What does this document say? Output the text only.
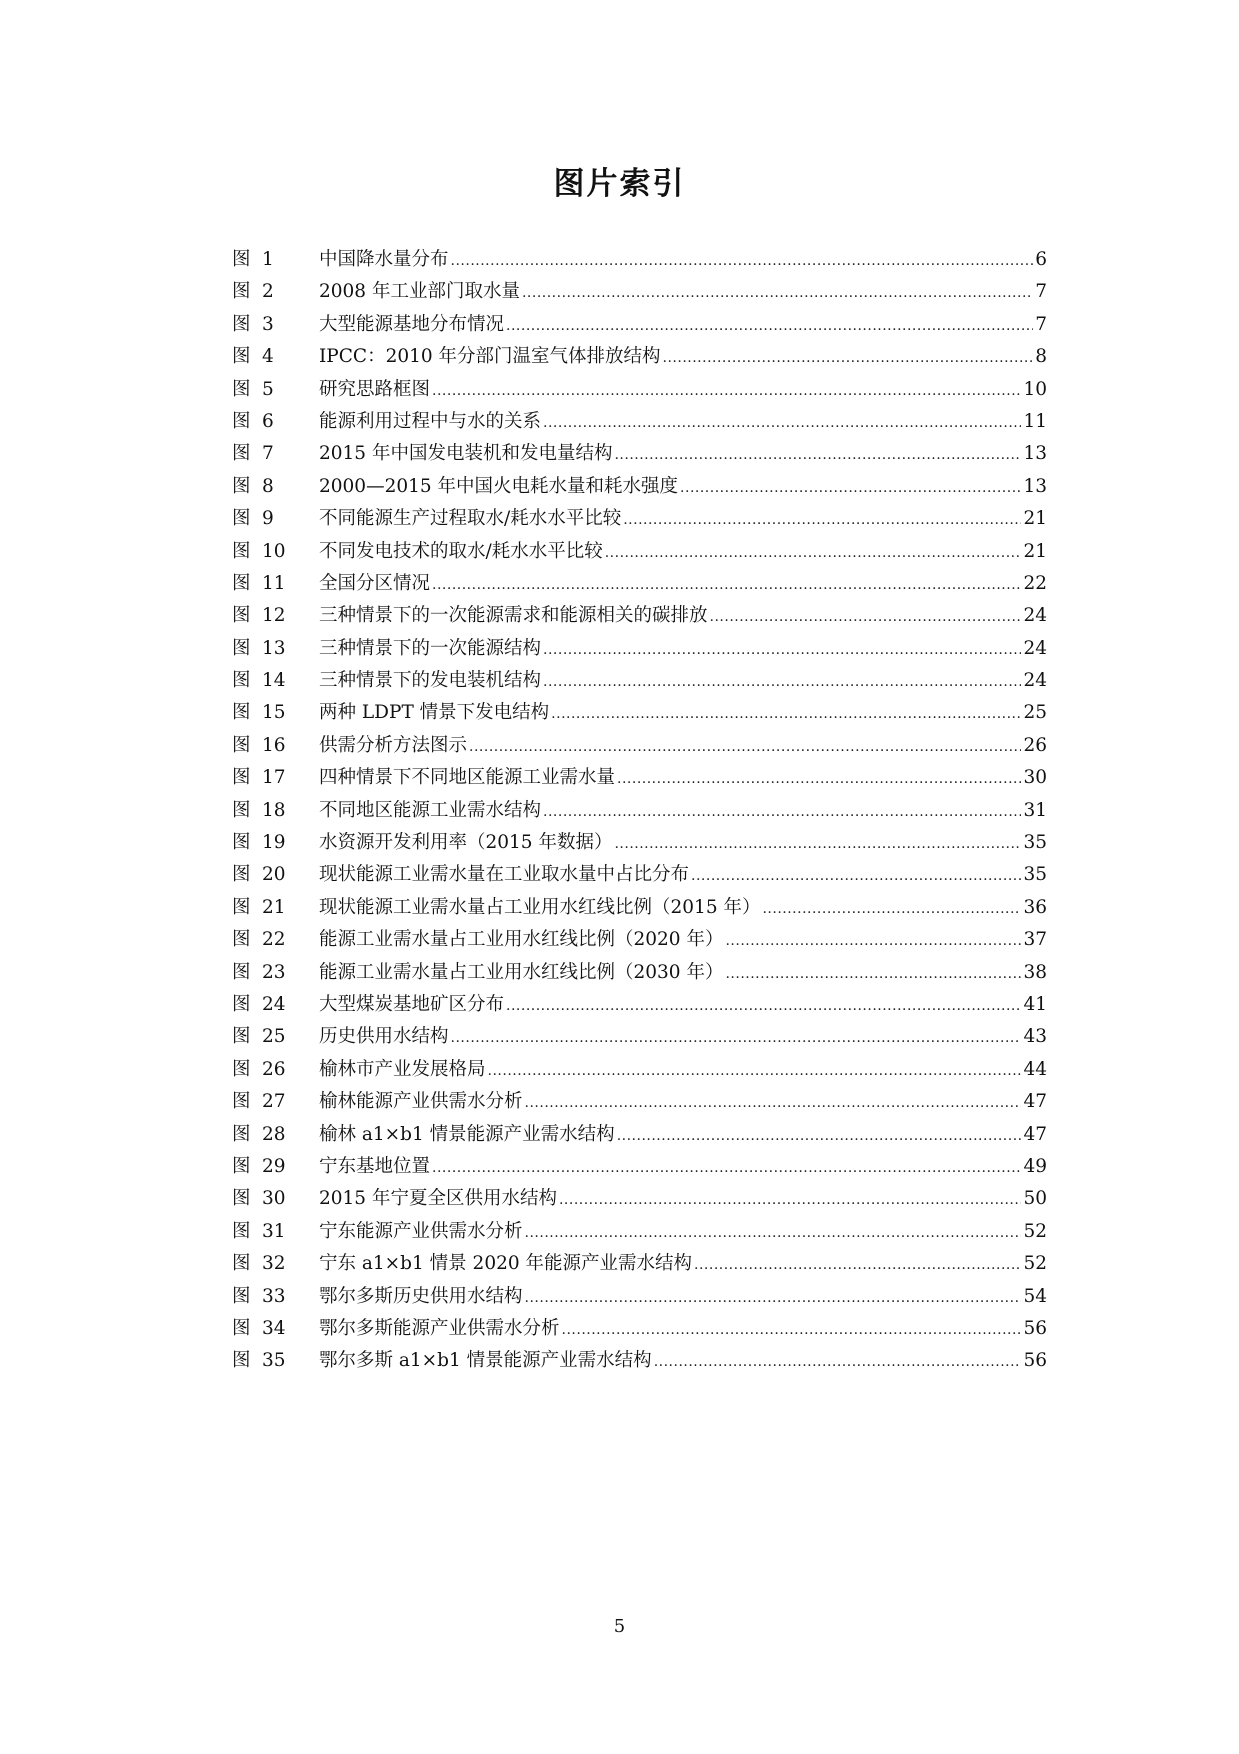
图片索引
图 1 中国降水量分布 .....	6
图 2 2008 年工业部门取水量 .....	7
图 3 大型能源基地分布情况 .....	7
图 4 IPCC：2010 年分部门温室气体排放结构 .....	8
图 5 研究思路框图 .....	10
图 6 能源利用过程中与水的关系 .....	11
图 7 2015 年中国发电装机和发电量结构 .....	13
图 8 2000—2015 年中国火电耗水量和耗水强度 .....	13
图 9 不同能源生产过程取水/耗水水平比较 .....	21
图 10 不同发电技术的取水/耗水水平比较 .....	21
图 11 全国分区情况 .....	22
图 12 三种情景下的一次能源需求和能源相关的碳排放 .....	24
图 13 三种情景下的一次能源结构 .....	24
图 14 三种情景下的发电装机结构 .....	24
图 15 两种 LDPT 情景下发电结构 .....	25
图 16 供需分析方法图示 .....	26
图 17 四种情景下不同地区能源工业需水量 .....	30
图 18 不同地区能源工业需水结构 .....	31
图 19 水资源开发利用率（2015 年数据） .....	35
图 20 现状能源工业需水量在工业取水量中占比分布 .....	35
图 21 现状能源工业需水量占工业用水红线比例（2015 年） .....	36
图 22 能源工业需水量占工业用水红线比例（2020 年） .....	37
图 23 能源工业需水量占工业用水红线比例（2030 年） .....	38
图 24 大型煤炭基地矿区分布 .....	41
图 25 历史供用水结构 .....	43
图 26 榆林市产业发展格局 .....	44
图 27 榆林能源产业供需水分析 .....	47
图 28 榆林 a1×b1 情景能源产业需水结构 .....	47
图 29 宁东基地位置 .....	49
图 30 2015 年宁夏全区供用水结构 .....	50
图 31 宁东能源产业供需水分析 .....	52
图 32 宁东 a1×b1 情景 2020 年能源产业需水结构 .....	52
图 33 鄂尔多斯历史供用水结构 .....	54
图 34 鄂尔多斯能源产业供需水分析 .....	56
图 35 鄂尔多斯 a1×b1 情景能源产业需水结构 .....	56
5
